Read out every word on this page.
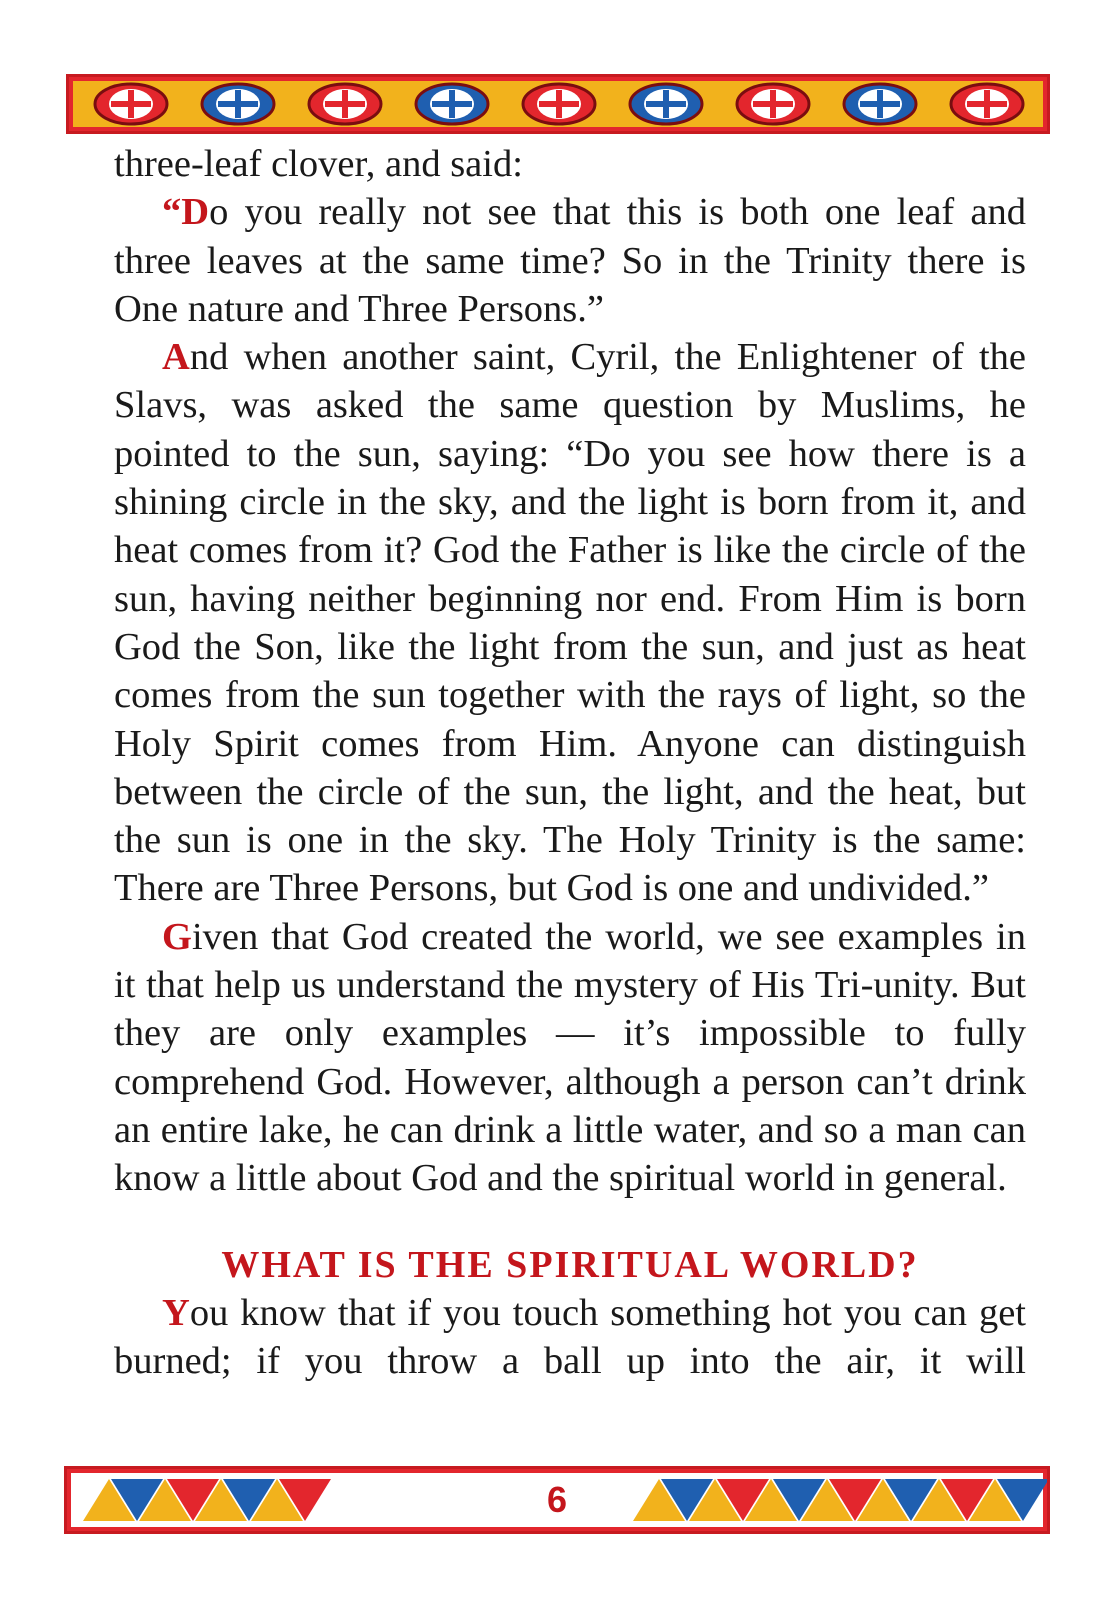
three-leaf clover, and said:

“Do you really not see that this is both one leaf and three leaves at the same time? So in the Trinity there is One nature and Three Persons.”

And when another saint, Cyril, the Enlightener of the Slavs, was asked the same question by Muslims, he pointed to the sun, saying: “Do you see how there is a shining circle in the sky, and the light is born from it, and heat comes from it? God the Father is like the circle of the sun, having neither beginning nor end. From Him is born God the Son, like the light from the sun, and just as heat comes from the sun together with the rays of light, so the Holy Spirit comes from Him. Anyone can distinguish between the circle of the sun, the light, and the heat, but the sun is one in the sky. The Holy Trinity is the same: There are Three Persons, but God is one and undivided.”

Given that God created the world, we see examples in it that help us understand the mystery of His Tri-unity. But they are only examples — it’s impossible to fully comprehend God. However, although a person can’t drink an entire lake, he can drink a little water, and so a man can know a little about God and the spiritual world in general.

WHAT IS THE SPIRITUAL WORLD?

You know that if you touch something hot you can get burned; if you throw a ball up into the air, it will

6
